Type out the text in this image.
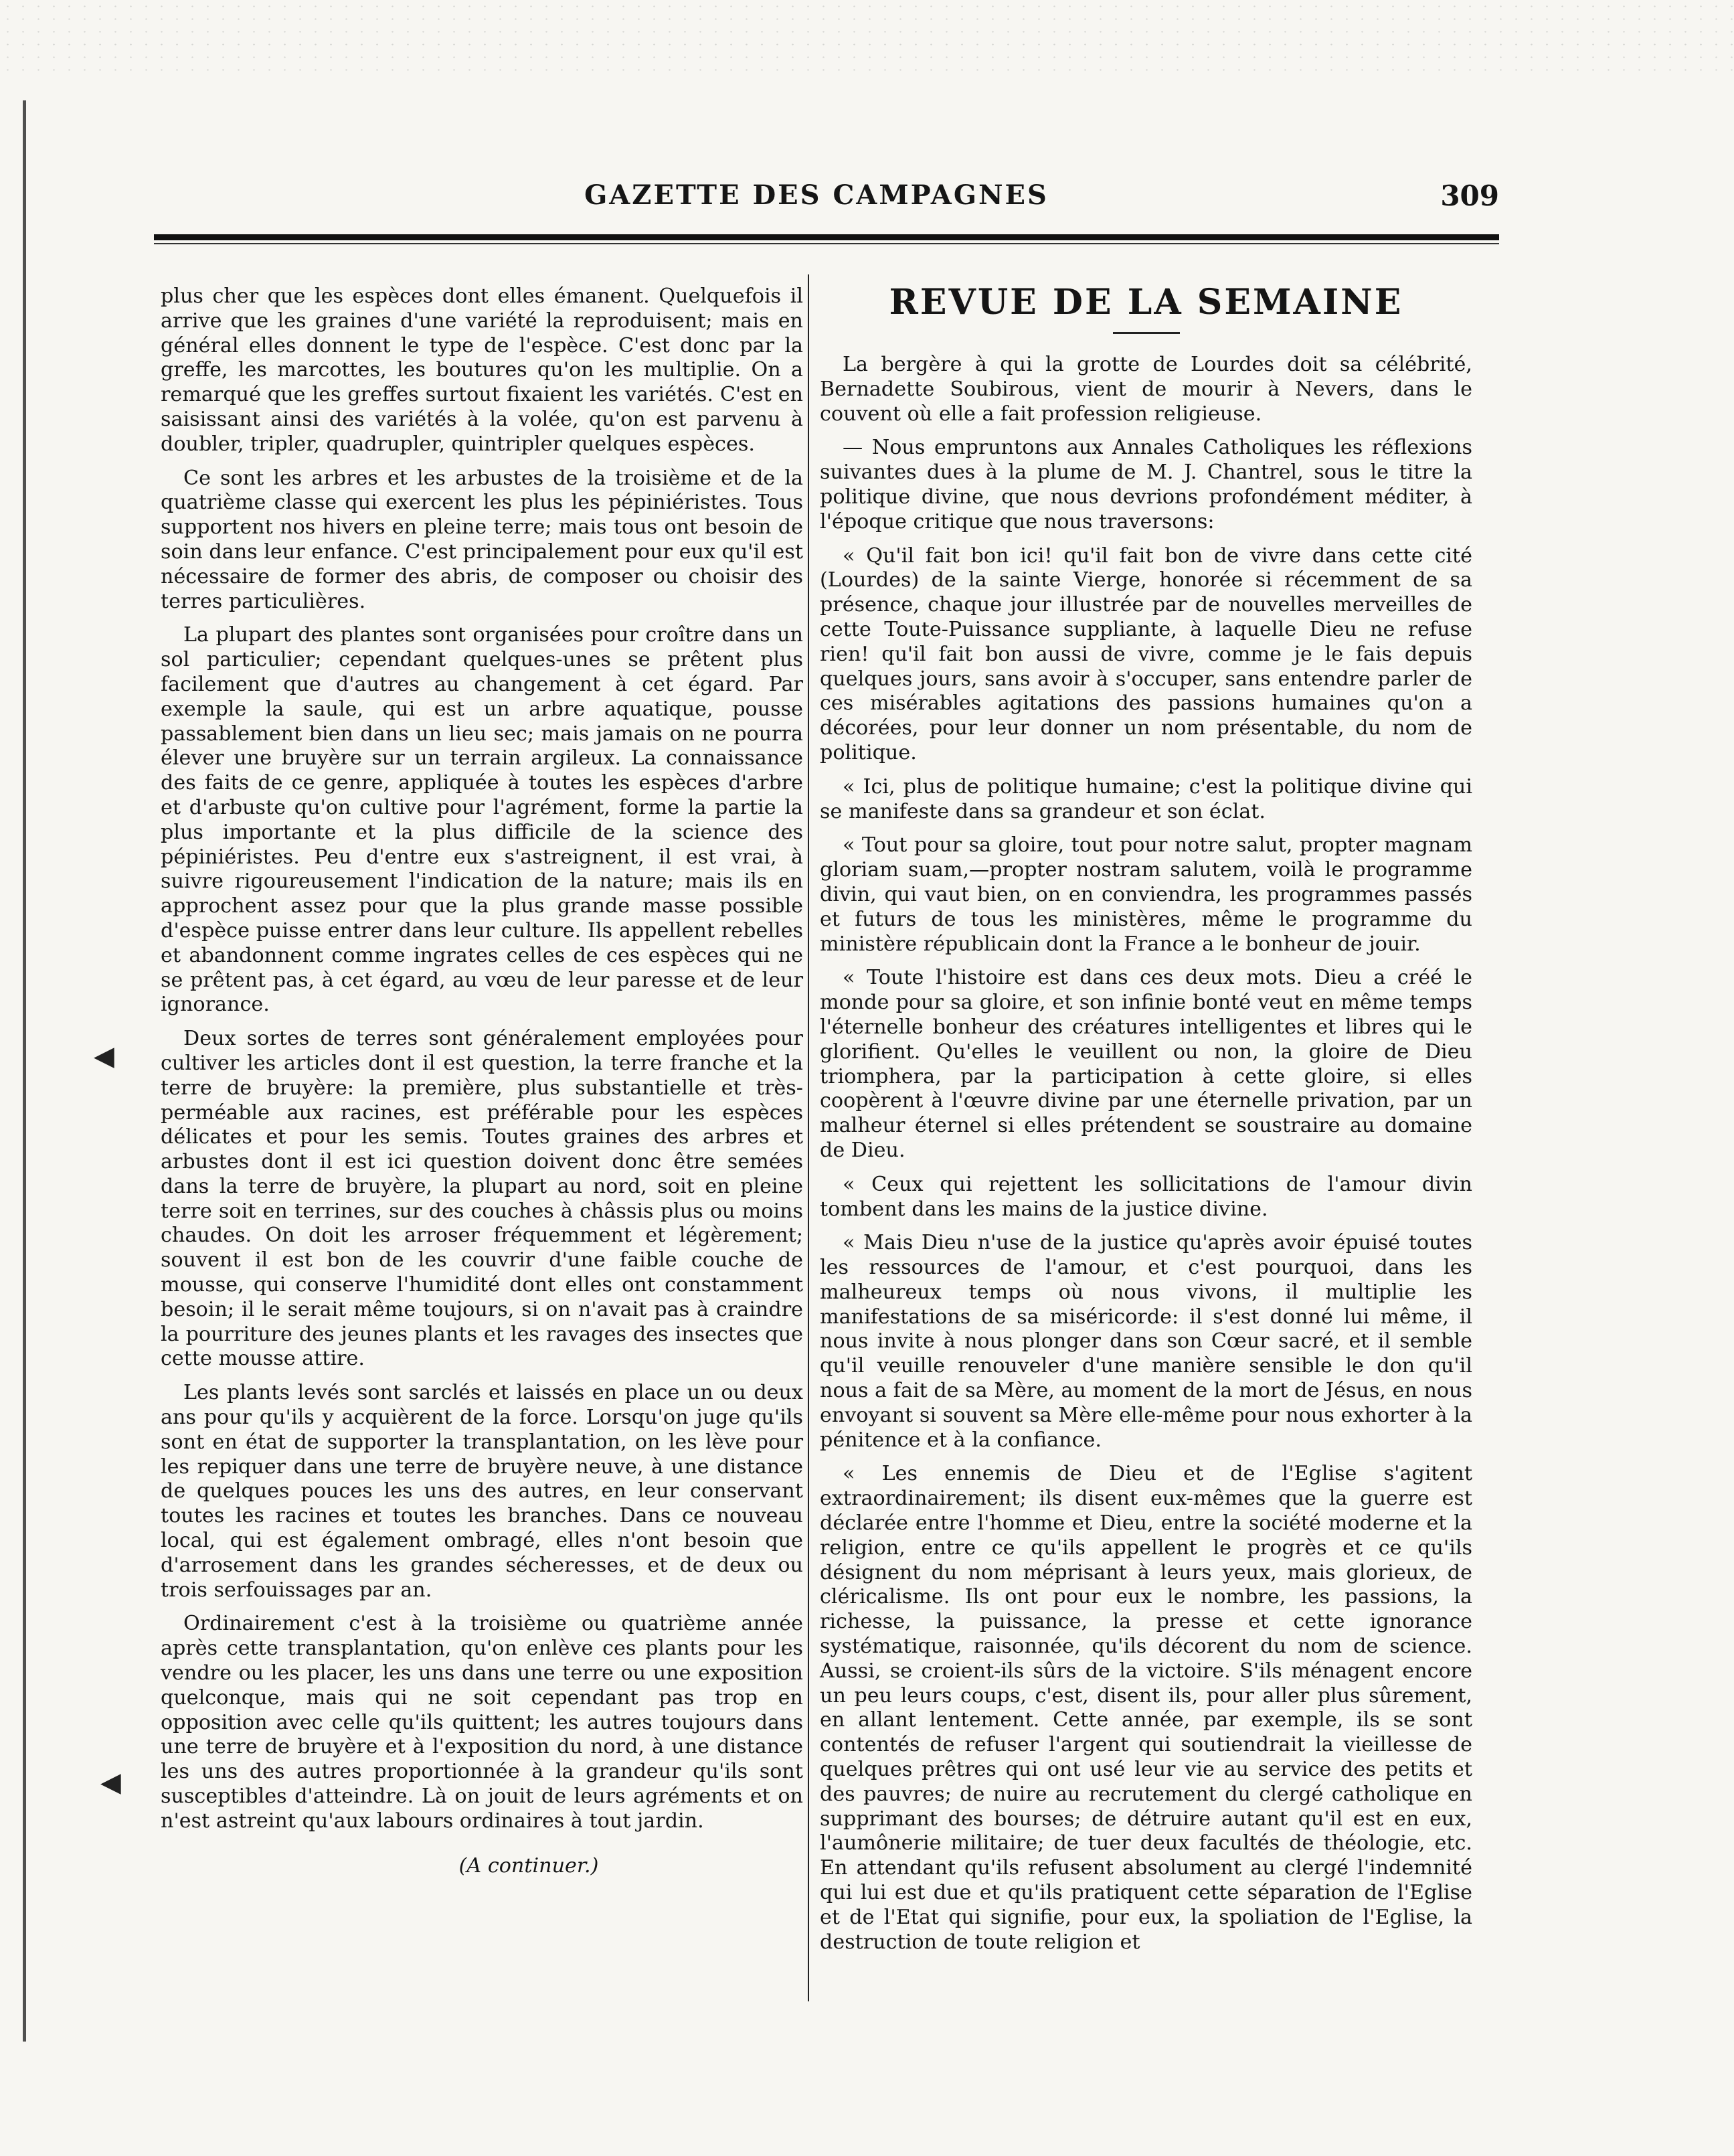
GAZETTE DES CAMPAGNES	309
◀
◀

plus cher que les espèces dont elles émanent. Quelquefois il arrive que les graines d'une variété la reproduisent; mais en général elles donnent le type de l'espèce. C'est donc par la greffe, les marcottes, les boutures qu'on les multiplie. On a remarqué que les greffes surtout fixaient les variétés. C'est en saisissant ainsi des variétés à la volée, qu'on est parvenu à doubler, tripler, quadrupler, quintripler quelques espèces.

Ce sont les arbres et les arbustes de la troisième et de la quatrième classe qui exercent les plus les pépiniéristes. Tous supportent nos hivers en pleine terre; mais tous ont besoin de soin dans leur enfance. C'est principalement pour eux qu'il est nécessaire de former des abris, de composer ou choisir des terres particulières.

La plupart des plantes sont organisées pour croître dans un sol particulier; cependant quelques-unes se prêtent plus facilement que d'autres au changement à cet égard. Par exemple la saule, qui est un arbre aquatique, pousse passablement bien dans un lieu sec; mais jamais on ne pourra élever une bruyère sur un terrain argileux. La connaissance des faits de ce genre, appliquée à toutes les espèces d'arbre et d'arbuste qu'on cultive pour l'agrément, forme la partie la plus importante et la plus difficile de la science des pépiniéristes. Peu d'entre eux s'astreignent, il est vrai, à suivre rigoureusement l'indication de la nature; mais ils en approchent assez pour que la plus grande masse possible d'espèce puisse entrer dans leur culture. Ils appellent rebelles et abandonnent comme ingrates celles de ces espèces qui ne se prêtent pas, à cet égard, au vœu de leur paresse et de leur ignorance.

Deux sortes de terres sont généralement employées pour cultiver les articles dont il est question, la terre franche et la terre de bruyère: la première, plus substantielle et très-perméable aux racines, est préférable pour les espèces délicates et pour les semis. Toutes graines des arbres et arbustes dont il est ici question doivent donc être semées dans la terre de bruyère, la plupart au nord, soit en pleine terre soit en terrines, sur des couches à châssis plus ou moins chaudes. On doit les arroser fréquemment et légèrement; souvent il est bon de les couvrir d'une faible couche de mousse, qui conserve l'humidité dont elles ont constamment besoin; il le serait même toujours, si on n'avait pas à craindre la pourriture des jeunes plants et les ravages des insectes que cette mousse attire.

Les plants levés sont sarclés et laissés en place un ou deux ans pour qu'ils y acquièrent de la force. Lorsqu'on juge qu'ils sont en état de supporter la transplantation, on les lève pour les repiquer dans une terre de bruyère neuve, à une distance de quelques pouces les uns des autres, en leur conservant toutes les racines et toutes les branches. Dans ce nouveau local, qui est également ombragé, elles n'ont besoin que d'arrosement dans les grandes sécheresses, et de deux ou trois serfouissages par an.

Ordinairement c'est à la troisième ou quatrième année après cette transplantation, qu'on enlève ces plants pour les vendre ou les placer, les uns dans une terre ou une exposition quelconque, mais qui ne soit cependant pas trop en opposition avec celle qu'ils quittent; les autres toujours dans une terre de bruyère et à l'exposition du nord, à une distance les uns des autres proportionnée à la grandeur qu'ils sont susceptibles d'atteindre. Là on jouit de leurs agréments et on n'est astreint qu'aux labours ordinaires à tout jardin.

(A continuer.)
REVUE DE LA SEMAINE

La bergère à qui la grotte de Lourdes doit sa célébrité, Bernadette Soubirous, vient de mourir à Nevers, dans le couvent où elle a fait profession religieuse.

— Nous empruntons aux Annales Catholiques les réflexions suivantes dues à la plume de M. J. Chantrel, sous le titre la politique divine, que nous devrions profondément méditer, à l'époque critique que nous traversons:

« Qu'il fait bon ici! qu'il fait bon de vivre dans cette cité (Lourdes) de la sainte Vierge, honorée si récemment de sa présence, chaque jour illustrée par de nouvelles merveilles de cette Toute-Puissance suppliante, à laquelle Dieu ne refuse rien! qu'il fait bon aussi de vivre, comme je le fais depuis quelques jours, sans avoir à s'occuper, sans entendre parler de ces misérables agitations des passions humaines qu'on a décorées, pour leur donner un nom présentable, du nom de politique.

« Ici, plus de politique humaine; c'est la politique divine qui se manifeste dans sa grandeur et son éclat.

« Tout pour sa gloire, tout pour notre salut, propter magnam gloriam suam,—propter nostram salutem, voilà le programme divin, qui vaut bien, on en conviendra, les programmes passés et futurs de tous les ministères, même le programme du ministère républicain dont la France a le bonheur de jouir.

« Toute l'histoire est dans ces deux mots. Dieu a créé le monde pour sa gloire, et son infinie bonté veut en même temps l'éternelle bonheur des créatures intelligentes et libres qui le glorifient. Qu'elles le veuillent ou non, la gloire de Dieu triomphera, par la participation à cette gloire, si elles coopèrent à l'œuvre divine par une éternelle privation, par un malheur éternel si elles prétendent se soustraire au domaine de Dieu.

« Ceux qui rejettent les sollicitations de l'amour divin tombent dans les mains de la justice divine.

« Mais Dieu n'use de la justice qu'après avoir épuisé toutes les ressources de l'amour, et c'est pourquoi, dans les malheureux temps où nous vivons, il multiplie les manifestations de sa miséricorde: il s'est donné lui même, il nous invite à nous plonger dans son Cœur sacré, et il semble qu'il veuille renouveler d'une manière sensible le don qu'il nous a fait de sa Mère, au moment de la mort de Jésus, en nous envoyant si souvent sa Mère elle-même pour nous exhorter à la pénitence et à la confiance.

« Les ennemis de Dieu et de l'Eglise s'agitent extraordinairement; ils disent eux-mêmes que la guerre est déclarée entre l'homme et Dieu, entre la société moderne et la religion, entre ce qu'ils appellent le progrès et ce qu'ils désignent du nom méprisant à leurs yeux, mais glorieux, de cléricalisme. Ils ont pour eux le nombre, les passions, la richesse, la puissance, la presse et cette ignorance systématique, raisonnée, qu'ils décorent du nom de science. Aussi, se croient-ils sûrs de la victoire. S'ils ménagent encore un peu leurs coups, c'est, disent ils, pour aller plus sûrement, en allant lentement. Cette année, par exemple, ils se sont contentés de refuser l'argent qui soutiendrait la vieillesse de quelques prêtres qui ont usé leur vie au service des petits et des pauvres; de nuire au recrutement du clergé catholique en supprimant des bourses; de détruire autant qu'il est en eux, l'aumônerie militaire; de tuer deux facultés de théologie, etc. En attendant qu'ils refusent absolument au clergé l'indemnité qui lui est due et qu'ils pratiquent cette séparation de l'Eglise et de l'Etat qui signifie, pour eux, la spoliation de l'Eglise, la destruction de toute religion et
